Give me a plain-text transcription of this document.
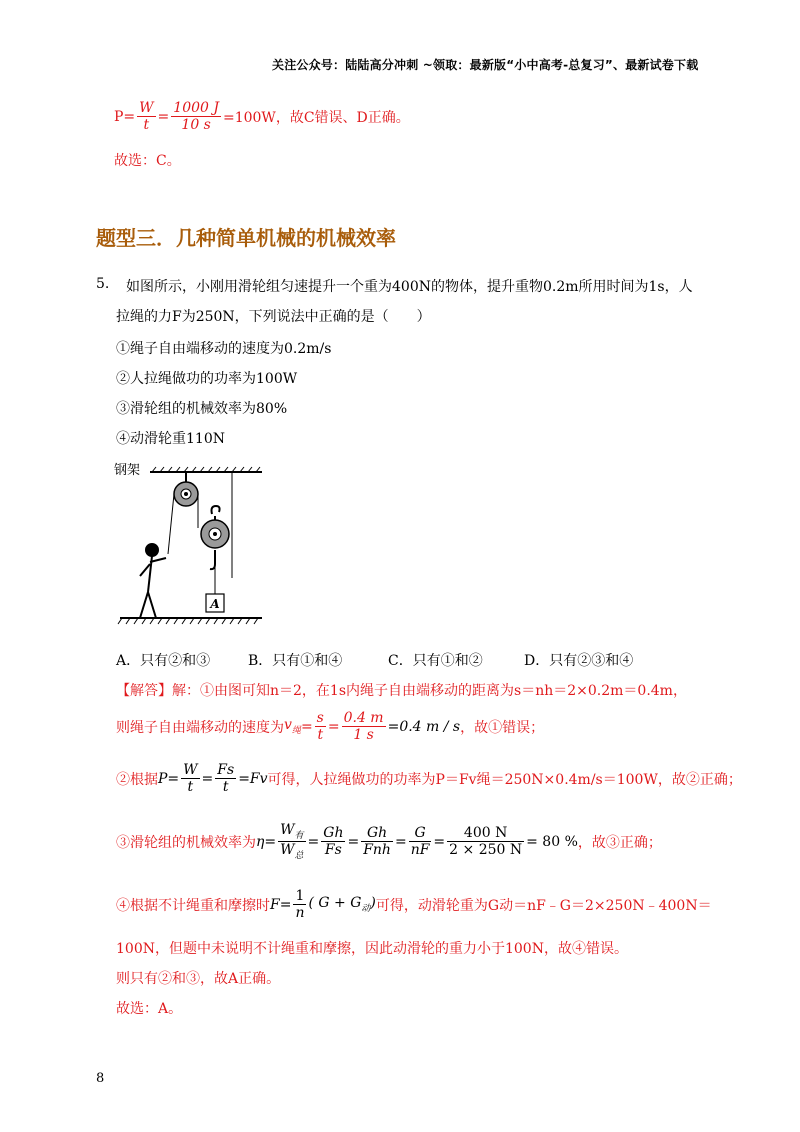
关注公众号：陆陆高分冲刺 ~领取：最新版“小中高考-总复习”、最新试卷下载
$P= \frac{W}{t} = \frac{1000 J}{10 s} =100W$，故C错误、D正确。
故选：C。
题型三．几种简单机械的机械效率
5. 如图所示，小刚用滑轮组匀速提升一个重为400N的物体，提升重物0.2m所用时间为1s，人
拉绳的力F为250N，下列说法中正确的是（　　）
①绳子自由端移动的速度为0.2m/s
②人拉绳做功的功率为100W
③滑轮组的机械效率为80%
④动滑轮重110N
钢架
A
A．只有②和③	B．只有①和④	C．只有①和②	D．只有②③和④
【解答】解：①由图可知n＝2，在1s内绳子自由端移动的距离为s＝nh＝2×0.2m＝0.4m，
则绳子自由端移动的速度为$v_绳= \frac{s}{t} = \frac{0.4 m}{1 s} =0.4$ m / s，故①错误；
②根据$P= \frac{W}{t} = \frac{Fs}{t} =Fv$可得，人拉绳做功的功率为P＝Fv绳＝250N×0.4m/s＝100W，故②正确；
③滑轮组的机械效率为$\eta= \frac{W_有}{W_总} = \frac{Gh}{Fs} = \frac{Gh}{\text{Fnh}} = \frac{G}{nF} = \frac{400 N}{2 \times 250 N} = 80$ %，故③正确；
④根据不计绳重和摩擦时$F= \frac{1}{n}$ ( $G + G_动$)可得，动滑轮重为G动＝nF﹣G＝2×250N﹣400N＝
100N，但题中未说明不计绳重和摩擦，因此动滑轮的重力小于100N，故④错误。
则只有②和③，故A正确。
故选：A。
8
